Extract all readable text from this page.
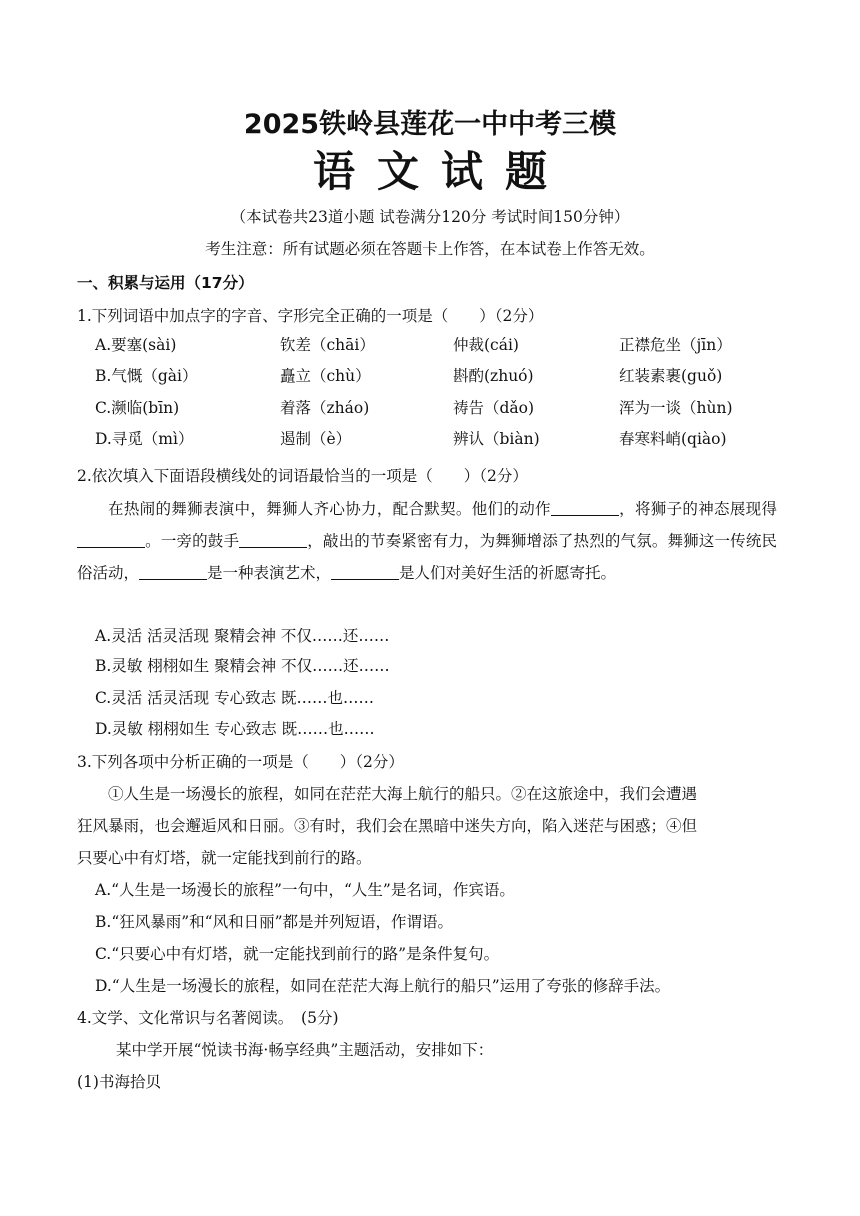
2025铁岭县莲花一中中考三模
语文试题
（本试卷共23道小题 试卷满分120分 考试时间150分钟）
考生注意：所有试题必须在答题卡上作答，在本试卷上作答无效。
一、积累与运用（17分）
1.下列词语中加点字的字音、字形完全正确的一项是（　　）（2分）
A.要塞(sài)	钦差（chāi）	仲裁(cái)	正襟危坐（jīn）
B.气慨（gài）	矗立（chù）	斟酌(zhuó)	红装素裹(guǒ)
C.濒临(bīn)	着落（zháo)	祷告（dǎo)	浑为一谈（hùn)
D.寻觅（mì）	遏制（è）	辨认（biàn)	春寒料峭(qiào)
2.依次填入下面语段横线处的词语最恰当的一项是（　　）（2分）
在热闹的舞狮表演中，舞狮人齐心协力，配合默契。他们的动作	，将狮子的神态展现得。一旁的鼓手	，敲出的节奏紧密有力，为舞狮增添了热烈的气氛。舞狮这一传统民俗活动，	是一种表演艺术，	是人们对美好生活的祈愿寄托。
A.灵活 活灵活现 聚精会神 不仅……还……
B.灵敏 栩栩如生 聚精会神 不仅……还……
C.灵活 活灵活现 专心致志 既……也……
D.灵敏 栩栩如生 专心致志 既……也……
3.下列各项中分析正确的一项是（　　）（2分）
①人生是一场漫长的旅程，如同在茫茫大海上航行的船只。②在这旅途中，我们会遭遇
狂风暴雨，也会邂逅风和日丽。③有时，我们会在黑暗中迷失方向，陷入迷茫与困惑；④但
只要心中有灯塔，就一定能找到前行的路。
A.“人生是一场漫长的旅程”一句中，“人生”是名词，作宾语。
B.“狂风暴雨”和“风和日丽”都是并列短语，作谓语。
C.“只要心中有灯塔，就一定能找到前行的路”是条件复句。
D.“人生是一场漫长的旅程，如同在茫茫大海上航行的船只”运用了夸张的修辞手法。
4.文学、文化常识与名著阅读。　(5分)
某中学开展“悦读书海·畅享经典”主题活动，安排如下：
(1)书海拾贝
